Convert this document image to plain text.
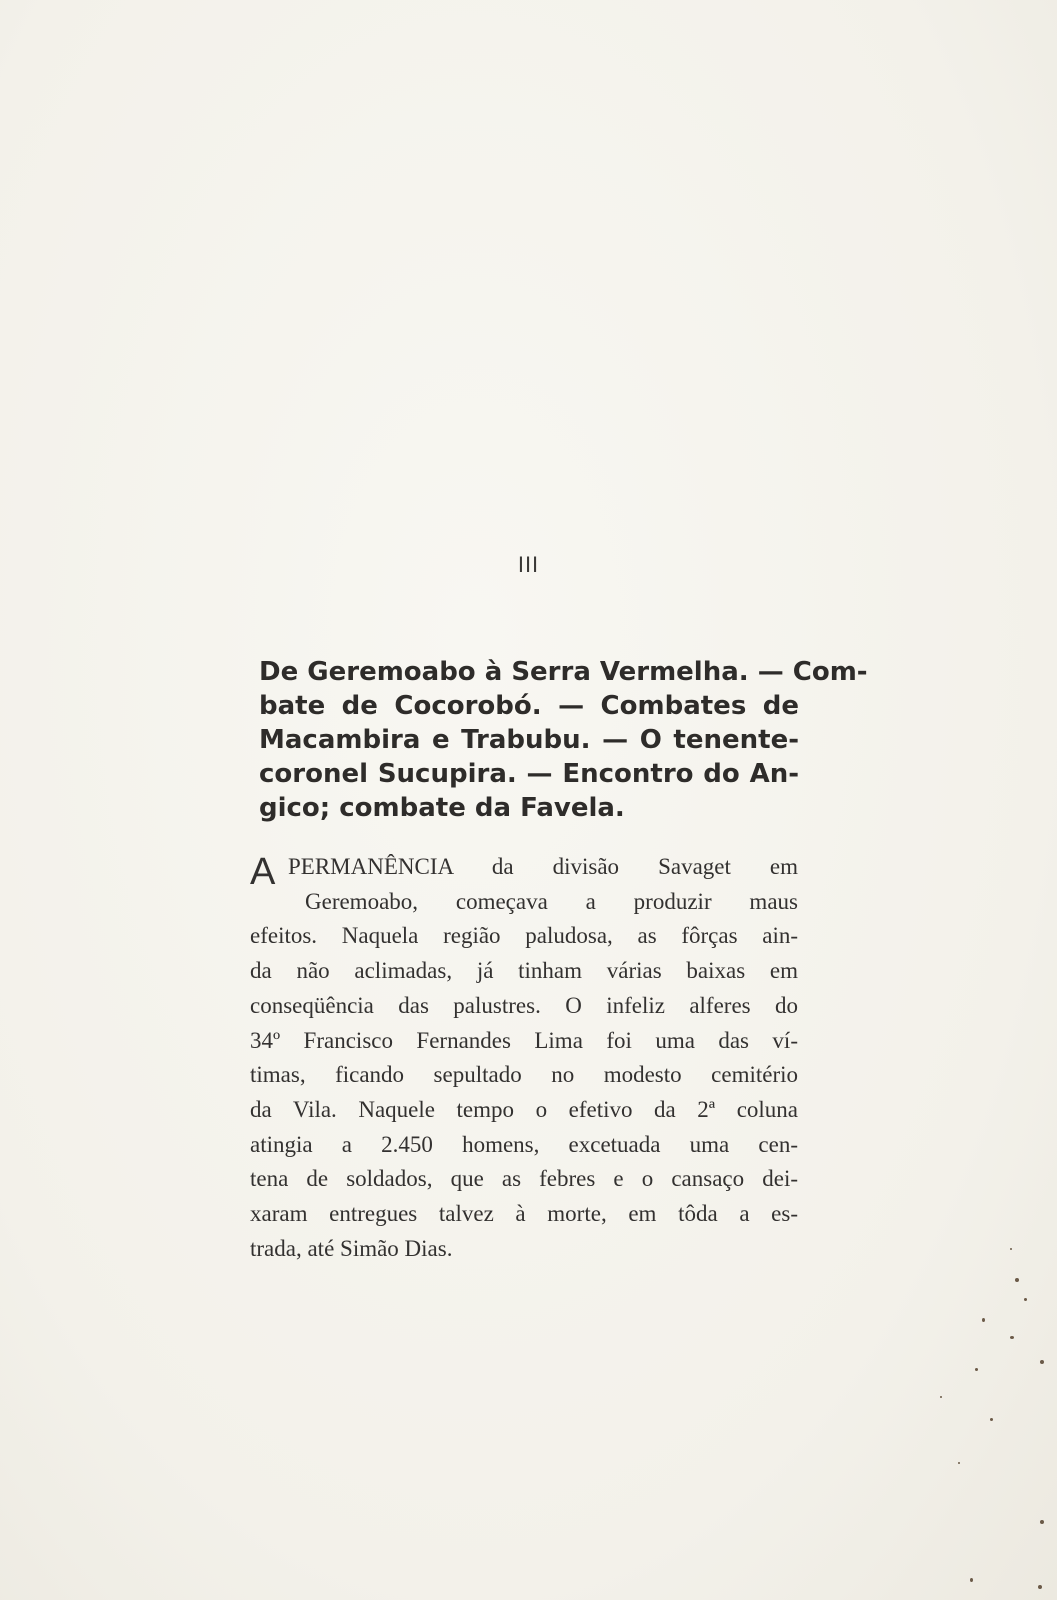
III
De Geremoabo à Serra Vermelha. — Com-
bate de Cocorobó. — Combates de
Macambira e Trabubu. — O tenente-
coronel Sucupira. — Encontro do An-
gico; combate da Favela.
A PERMANÊNCIA da divisão Savaget em
Geremoabo, começava a produzir maus
efeitos. Naquela região paludosa, as fôrças ain-
da não aclimadas, já tinham várias baixas em
conseqüência das palustres. O infeliz alferes do
34º Francisco Fernandes Lima foi uma das ví-
timas, ficando sepultado no modesto cemitério
da Vila. Naquele tempo o efetivo da 2ª coluna
atingia a 2.450 homens, excetuada uma cen-
tena de soldados, que as febres e o cansaço dei-
xaram entregues talvez à morte, em tôda a es-
trada, até Simão Dias.
